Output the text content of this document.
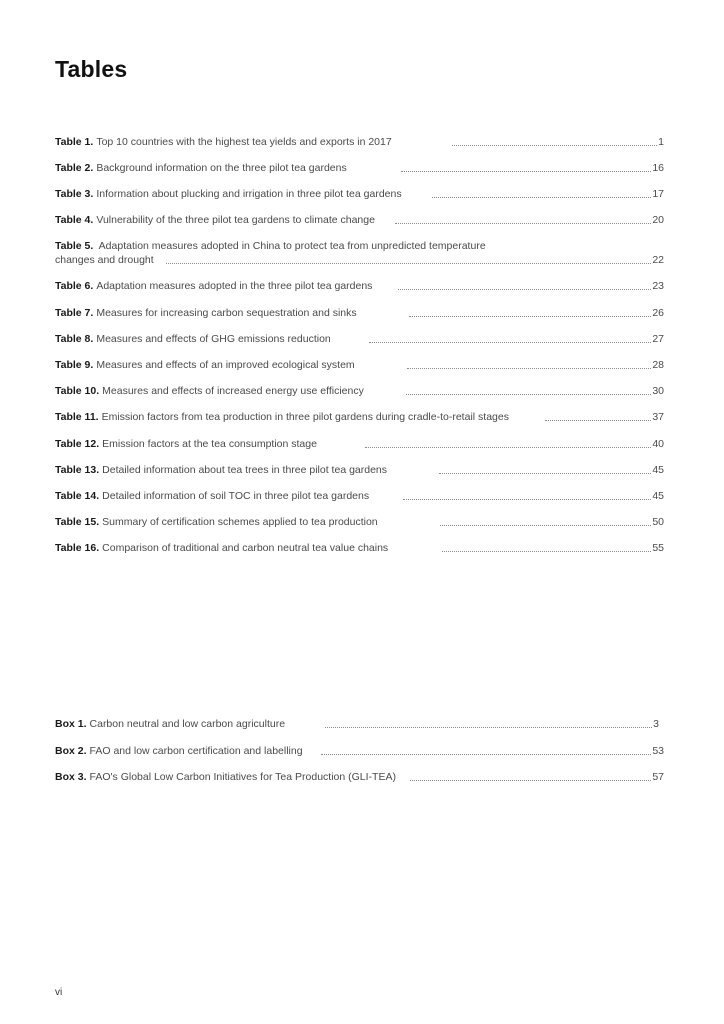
Tables
Table 1. Top 10 countries with the highest tea yields and exports in 2017	1
Table 2. Background information on the three pilot tea gardens	16
Table 3. Information about plucking and irrigation in three pilot tea gardens	17
Table 4. Vulnerability of the three pilot tea gardens to climate change	20
Table 5. Adaptation measures adopted in China to protect tea from unpredicted temperature
changes and drought	22
Table 6. Adaptation measures adopted in the three pilot tea gardens	23
Table 7. Measures for increasing carbon sequestration and sinks	26
Table 8. Measures and effects of GHG emissions reduction	27
Table 9. Measures and effects of an improved ecological system	28
Table 10. Measures and effects of increased energy use efficiency	30
Table 11. Emission factors from tea production in three pilot gardens during cradle-to-retail stages	37
Table 12. Emission factors at the tea consumption stage	40
Table 13. Detailed information about tea trees in three pilot tea gardens	45
Table 14. Detailed information of soil TOC in three pilot tea gardens	45
Table 15. Summary of certification schemes applied to tea production	50
Table 16. Comparison of traditional and carbon neutral tea value chains	55
Box 1. Carbon neutral and low carbon agriculture	3
Box 2. FAO and low carbon certification and labelling	53
Box 3. FAO's Global Low Carbon Initiatives for Tea Production (GLI-TEA)	57
vi
